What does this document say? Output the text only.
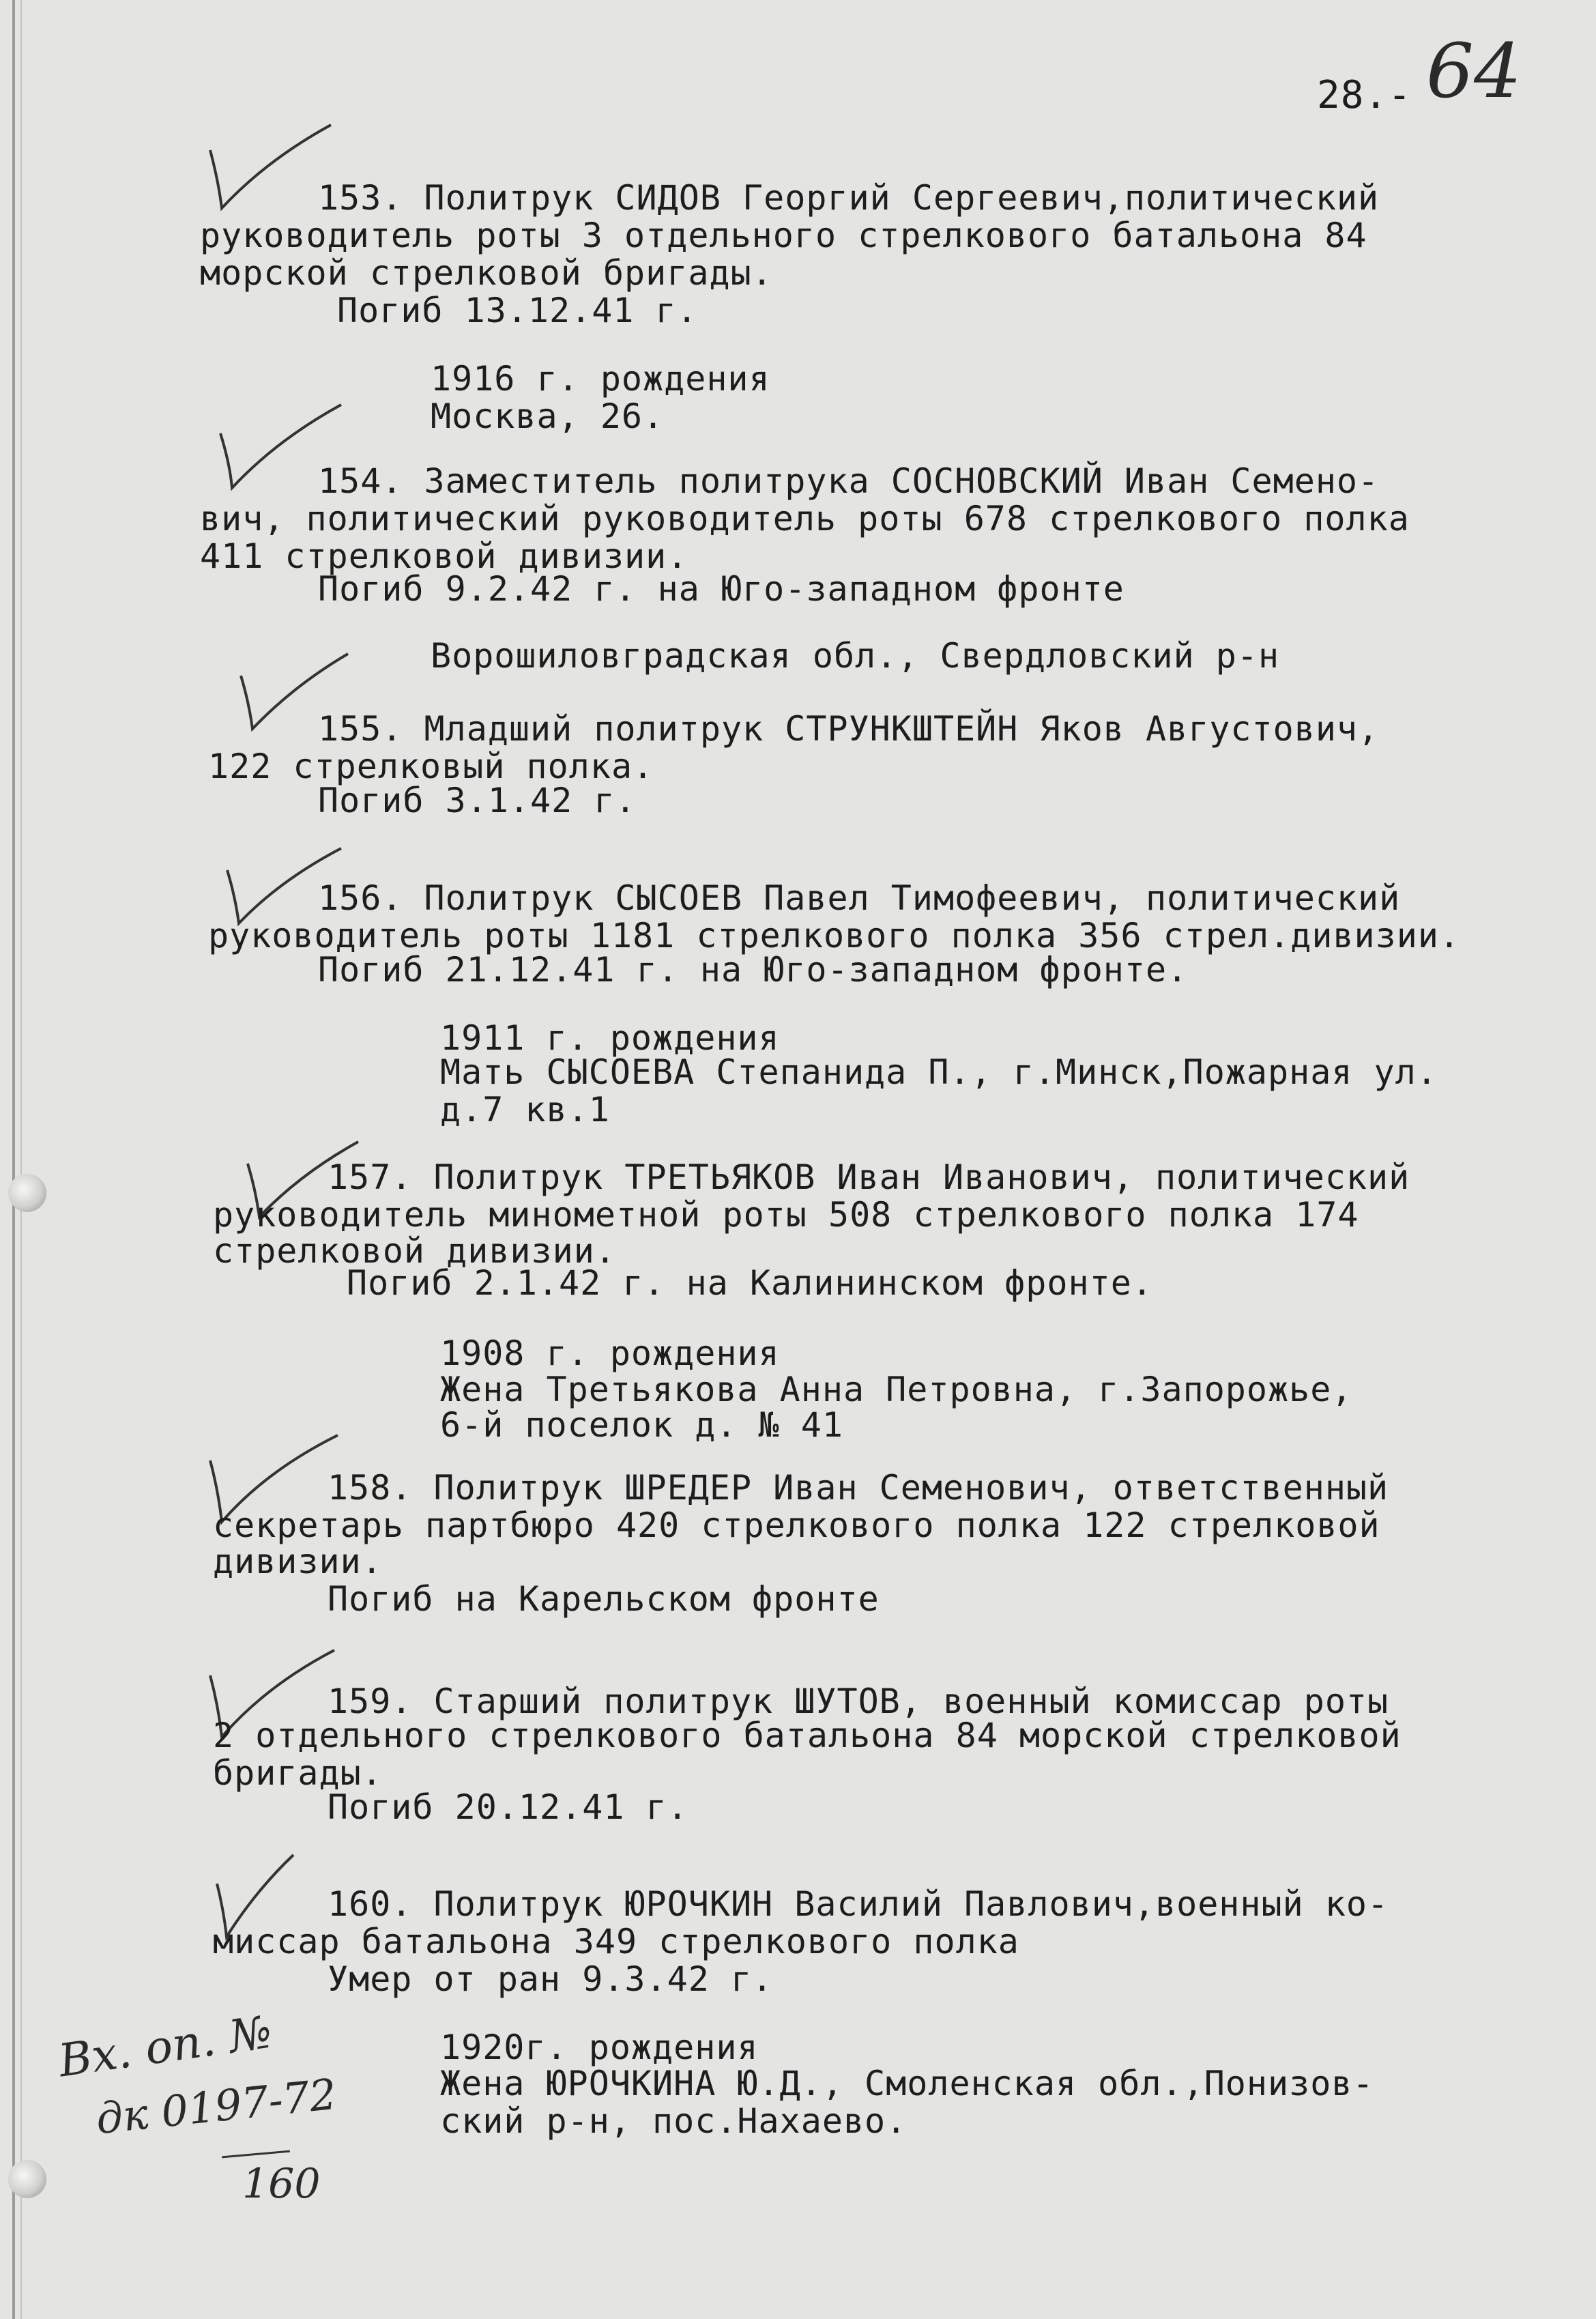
28.- 64
153. Политрук СИДОВ Георгий Сергеевич,политический
руководитель роты 3 отдельного стрелкового батальона 84
морской стрелковой бригады.
Погиб 13.12.41 г.
1916 г. рождения
Москва, 26.
154. Заместитель политрука СОСНОВСКИЙ Иван Семено-
вич, политический руководитель роты 678 стрелкового полка
411 стрелковой дивизии.
Погиб 9.2.42 г. на Юго-западном фронте
Ворошиловградская обл., Свердловский р-н
155. Младший политрук СТРУНКШТЕЙН Яков Августович,
122 стрелковый полка.
Погиб 3.1.42 г.
156. Политрук СЫСОЕВ Павел Тимофеевич, политический
руководитель роты 1181 стрелкового полка 356 стрел.дивизии.
Погиб 21.12.41 г. на Юго-западном фронте.
1911 г. рождения
Мать СЫСОЕВА Степанида П., г.Минск,Пожарная ул.
д.7 кв.1
157. Политрук ТРЕТЬЯКОВ Иван Иванович, политический
руководитель минометной роты 508 стрелкового полка 174
стрелковой дивизии.
Погиб 2.1.42 г. на Калининском фронте.
1908 г. рождения
Жена Третьякова Анна Петровна, г.Запорожье,
6-й поселок д. № 41
158. Политрук ШРЕДЕР Иван Семенович, ответственный
секретарь партбюро 420 стрелкового полка 122 стрелковой
дивизии.
Погиб на Карельском фронте
159. Старший политрук ШУТОВ, военный комиссар роты
2 отдельного стрелкового батальона 84 морской стрелковой
бригады.
Погиб 20.12.41 г.
160. Политрук ЮРОЧКИН Василий Павлович,военный ко-
миссар батальона 349 стрелкового полка
Умер от ран 9.3.42 г.
1920г. рождения
Жена ЮРОЧКИНА Ю.Д., Смоленская обл.,Понизов-
ский р-н, пос.Нахаево.
Вх. оп. №
дк 0197-72
160
